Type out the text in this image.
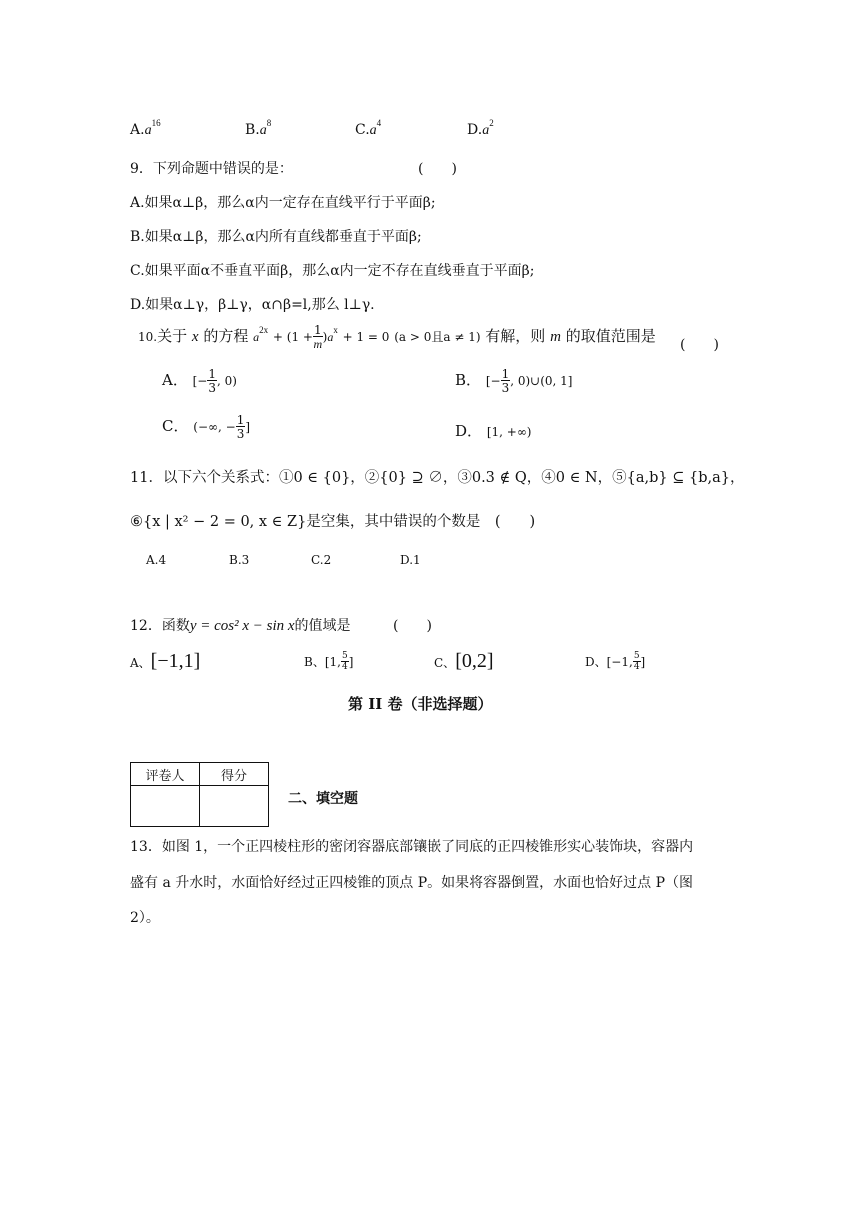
$A.a^{16}$	$B.a^8$	$C.a^4$	$D.a^2$
9．下列命题中错误的是：	(　　)
A.如果α⊥β，那么α内一定存在直线平行于平面β;
B.如果α⊥β，那么α内所有直线都垂直于平面β;
C.如果平面α不垂直平面β，那么α内一定不存在直线垂直于平面β;
D.如果α⊥γ，β⊥γ，α∩β=l,那么 l⊥γ.
10.关于 x 的方程 $a^{2x} + (1 + \frac{1}{m} )a^x + 1 = 0$ (a > 0且a ≠ 1) 有解，则 m 的取值范围是 (　　)
A． [− $\frac{1}{3}$ , 0)	B． [− $\frac{1}{3}$ , 0)∪(0, 1]
C． (−∞, − $\frac{1}{3}$ ]	D． [1, +∞)
11．以下六个关系式：①0 ∈ {0}，②{0} ⊇ ∅，③0.3 ∉ Q，④0 ∈ N，⑤{a,b} ⊆ {b,a}，
⑥{x | x² − 2 = 0, x ∈ Z}是空集，其中错误的个数是　(　　)
A.4	B.3	C.2	D.1
12．函数y = cos² x − sin x的值域是	(　　)
A、[−1,1]	B、[1, $\frac{5}{4}$ ]	C、[0,2]	D、[−1, $\frac{5}{4}$ ]
第 II 卷（非选择题）
评卷人	得分

二、填空题
13．如图 1，一个正四棱柱形的密闭容器底部镶嵌了同底的正四棱锥形实心装饰块，容器内
盛有 a 升水时，水面恰好经过正四棱锥的顶点 P。如果将容器倒置，水面也恰好过点 P（图
2）。
